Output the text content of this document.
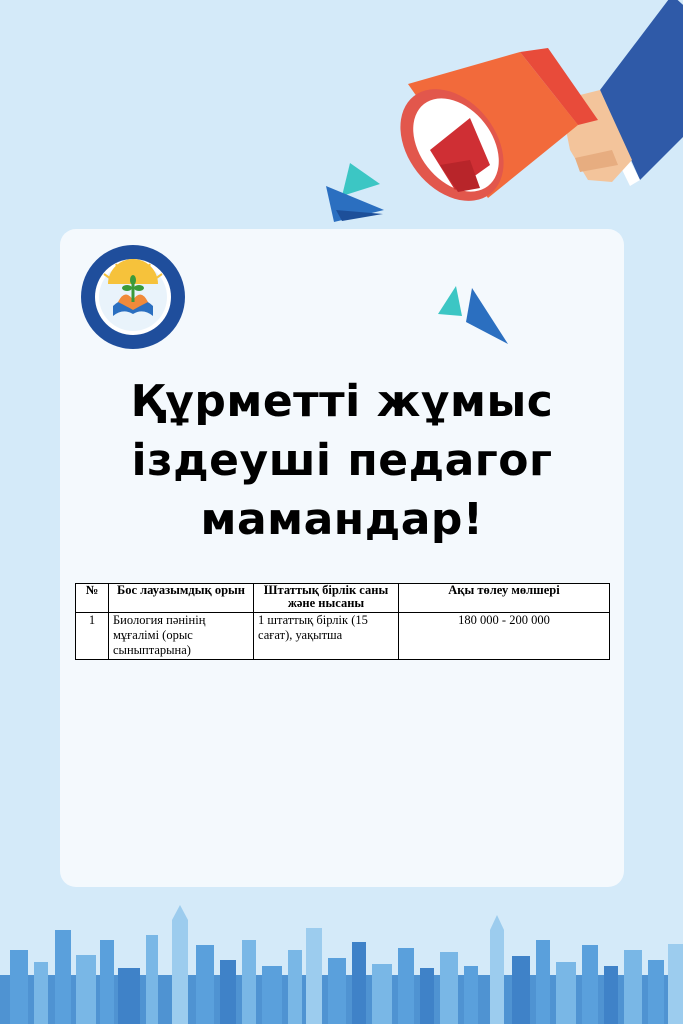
Құрметті жұмыс
іздеуші педагог
мамандар!
№	Бос лауазымдық орын	Штаттық бірлік саны және нысаны	Ақы төлеу мөлшері
1	Биология пәнінің мұғалімі (орыс сыныптарына)	1 штаттық бірлік (15 сағат), уақытша	180 000 - 200 000
